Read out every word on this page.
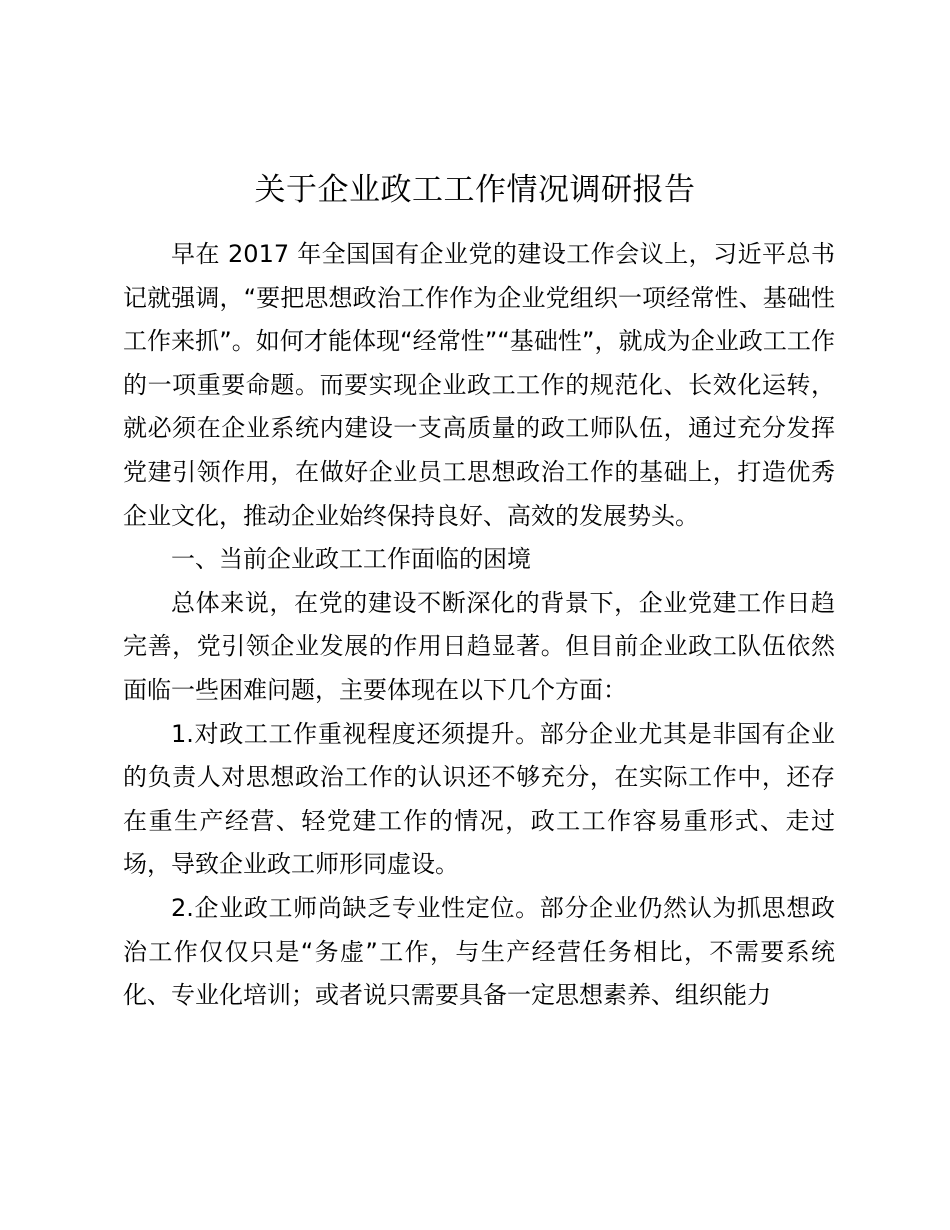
关于企业政工工作情况调研报告

早在 2017 年全国国有企业党的建设工作会议上，习近平总书记就强调，“要把思想政治工作作为企业党组织一项经常性、基础性工作来抓”。如何才能体现“经常性”“基础性”，就成为企业政工工作的一项重要命题。而要实现企业政工工作的规范化、长效化运转，就必须在企业系统内建设一支高质量的政工师队伍，通过充分发挥党建引领作用，在做好企业员工思想政治工作的基础上，打造优秀企业文化，推动企业始终保持良好、高效的发展势头。

一、当前企业政工工作面临的困境

总体来说，在党的建设不断深化的背景下，企业党建工作日趋完善，党引领企业发展的作用日趋显著。但目前企业政工队伍依然面临一些困难问题，主要体现在以下几个方面：

1.对政工工作重视程度还须提升。部分企业尤其是非国有企业的负责人对思想政治工作的认识还不够充分，在实际工作中，还存在重生产经营、轻党建工作的情况，政工工作容易重形式、走过场，导致企业政工师形同虚设。

2.企业政工师尚缺乏专业性定位。部分企业仍然认为抓思想政治工作仅仅只是“务虚”工作，与生产经营任务相比，不需要系统化、专业化培训；或者说只需要具备一定思想素养、组织能力
